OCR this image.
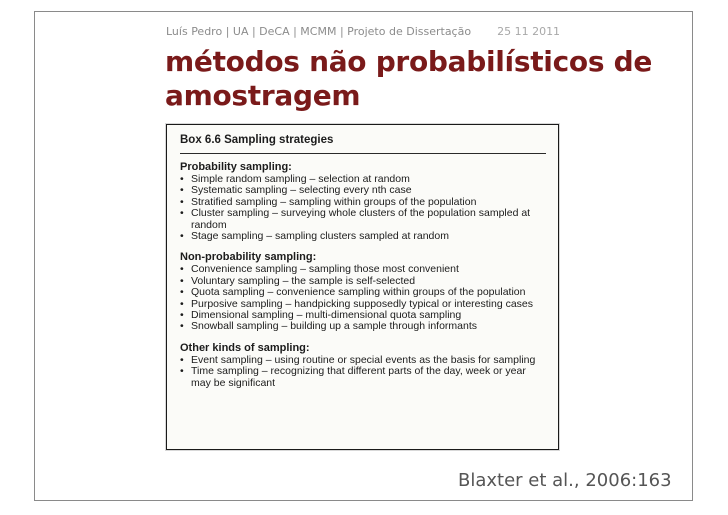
Luís Pedro | UA | DeCA | MCMM | Projeto de Dissertação 25 11 2011
métodos não probabilísticos de amostragem
Box 6.6 Sampling strategies
Probability sampling:
• Simple random sampling – selection at random
• Systematic sampling – selecting every nth case
• Stratified sampling – sampling within groups of the population
• Cluster sampling – surveying whole clusters of the population sampled at random
• Stage sampling – sampling clusters sampled at random
Non-probability sampling:
• Convenience sampling – sampling those most convenient
• Voluntary sampling – the sample is self-selected
• Quota sampling – convenience sampling within groups of the population
• Purposive sampling – handpicking supposedly typical or interesting cases
• Dimensional sampling – multi-dimensional quota sampling
• Snowball sampling – building up a sample through informants
Other kinds of sampling:
• Event sampling – using routine or special events as the basis for sampling
• Time sampling – recognizing that different parts of the day, week or year may be significant
Blaxter et al., 2006:163
